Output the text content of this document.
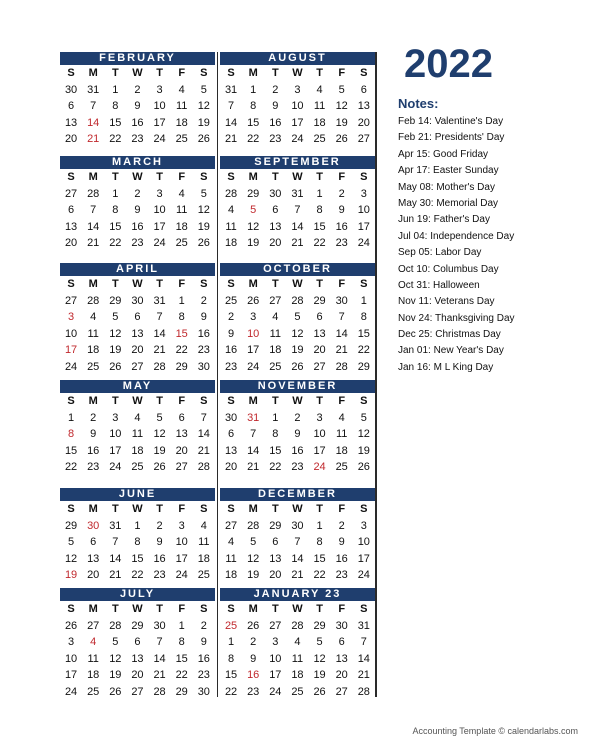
FEBRUARY
S	M	T	W	T	F	S
30 31	1	2	3	4	5
6	7	8	9	10 11 12
13 14 15 16 17 18 19
20 21 22 23 24 25 26
AUGUST
S	M	T	W	T	F	S
31	1	2	3	4	5	6
7	8	9	10 11 12 13
14 15 16 17 18 19 20
21 22 23 24 25 26 27
MARCH
S	M	T	W	T	F	S
27 28	1	2	3	4	5
6	7	8	9	10 11 12
13 14 15 16 17 18 19
20 21 22 23 24 25 26
SEPTEMBER
S	M	T	W	T	F	S
28 29 30 31	1	2	3
4	5	6	7	8	9	10
11 12 13 14 15 16 17
18 19 20 21 22 23 24
APRIL
S	M	T	W	T	F	S
27 28 29 30 31	1	2
3	4	5	6	7	8	9
10 11 12 13 14 15 16
17 18 19 20 21 22 23
24 25 26 27 28 29 30
OCTOBER
S	M	T	W	T	F	S
25 26 27 28 29 30	1
2	3	4	5	6	7	8
9	10 11 12 13 14 15
16 17 18 19 20 21 22
23 24 25 26 27 28 29
MAY
S	M	T	W	T	F	S
1	2	3	4	5	6	7
8	9	10 11 12 13 14
15 16 17 18 19 20 21
22 23 24 25 26 27 28
NOVEMBER
S	M	T	W	T	F	S
30 31	1	2	3	4	5
6	7	8	9	10 11 12
13 14 15 16 17 18 19
20 21 22 23 24 25 26
JUNE
S	M	T	W	T	F	S
29 30 31	1	2	3	4
5	6	7	8	9	10 11
12 13 14 15 16 17 18
19 20 21 22 23 24 25
DECEMBER
S	M	T	W	T	F	S
27 28 29 30	1	2	3
4	5	6	7	8	9	10
11 12 13 14 15 16 17
18 19 20 21 22 23 24
JULY
S	M	T	W	T	F	S
26 27 28 29 30	1	2
3	4	5	6	7	8	9
10 11 12 13 14 15 16
17 18 19 20 21 22 23
24 25 26 27 28 29 30
JANUARY 23
S	M	T	W	T	F	S
25 26 27 28 29 30 31
1	2	3	4	5	6	7
8	9	10 11 12 13 14
15 16 17 18 19 20 21
22 23 24 25 26 27 28
2022
Notes:
Feb 14: Valentine's Day
Feb 21: Presidents' Day
Apr 15: Good Friday
Apr 17: Easter Sunday
May 08: Mother's Day
May 30: Memorial Day
Jun 19: Father's Day
Jul 04: Independence Day
Sep 05: Labor Day
Oct 10: Columbus Day
Oct 31: Halloween
Nov 11: Veterans Day
Nov 24: Thanksgiving Day
Dec 25: Christmas Day
Jan 01: New Year's Day
Jan 16: M L King Day
Accounting Template © calendarlabs.com
